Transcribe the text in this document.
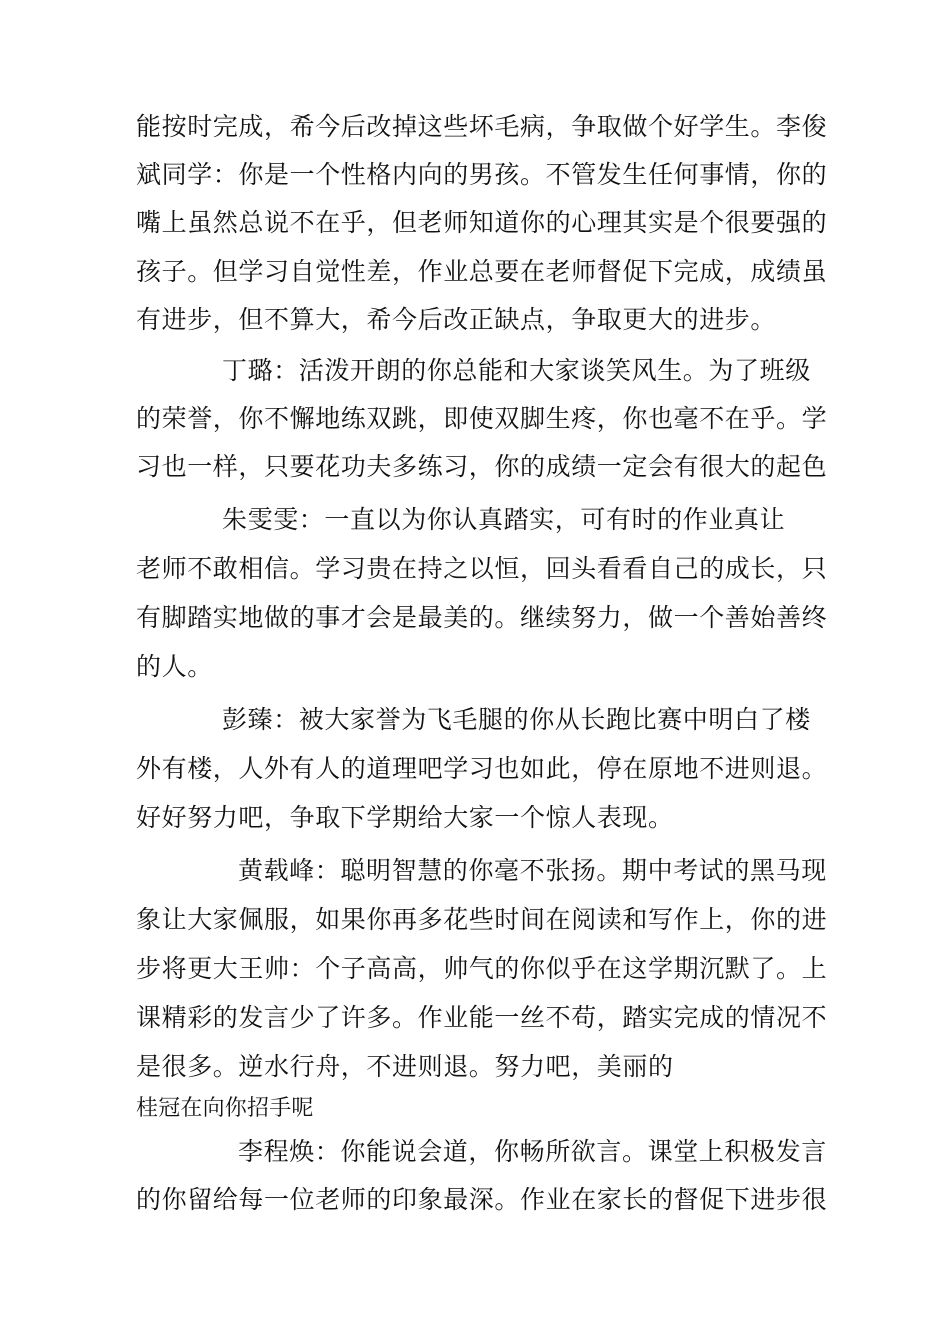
能按时完成，希今后改掉这些坏毛病，争取做个好学生。李俊
斌同学：你是一个性格内向的男孩。不管发生任何事情，你的
嘴上虽然总说不在乎，但老师知道你的心理其实是个很要强的
孩子。但学习自觉性差，作业总要在老师督促下完成，成绩虽
有进步，但不算大，希今后改正缺点，争取更大的进步。
丁璐：活泼开朗的你总能和大家谈笑风生。为了班级
的荣誉，你不懈地练双跳，即使双脚生疼，你也毫不在乎。学
习也一样，只要花功夫多练习，你的成绩一定会有很大的起色
朱雯雯：一直以为你认真踏实，可有时的作业真让
老师不敢相信。学习贵在持之以恒，回头看看自己的成长，只
有脚踏实地做的事才会是最美的。继续努力，做一个善始善终
的人。
彭臻：被大家誉为飞毛腿的你从长跑比赛中明白了楼
外有楼，人外有人的道理吧学习也如此，停在原地不进则退。
好好努力吧，争取下学期给大家一个惊人表现。
黄载峰：聪明智慧的你毫不张扬。期中考试的黑马现
象让大家佩服，如果你再多花些时间在阅读和写作上，你的进
步将更大王帅：个子高高，帅气的你似乎在这学期沉默了。上
课精彩的发言少了许多。作业能一丝不苟，踏实完成的情况不
是很多。逆水行舟，不进则退。努力吧，美丽的
桂冠在向你招手呢
李程焕：你能说会道，你畅所欲言。课堂上积极发言
的你留给每一位老师的印象最深。作业在家长的督促下进步很
